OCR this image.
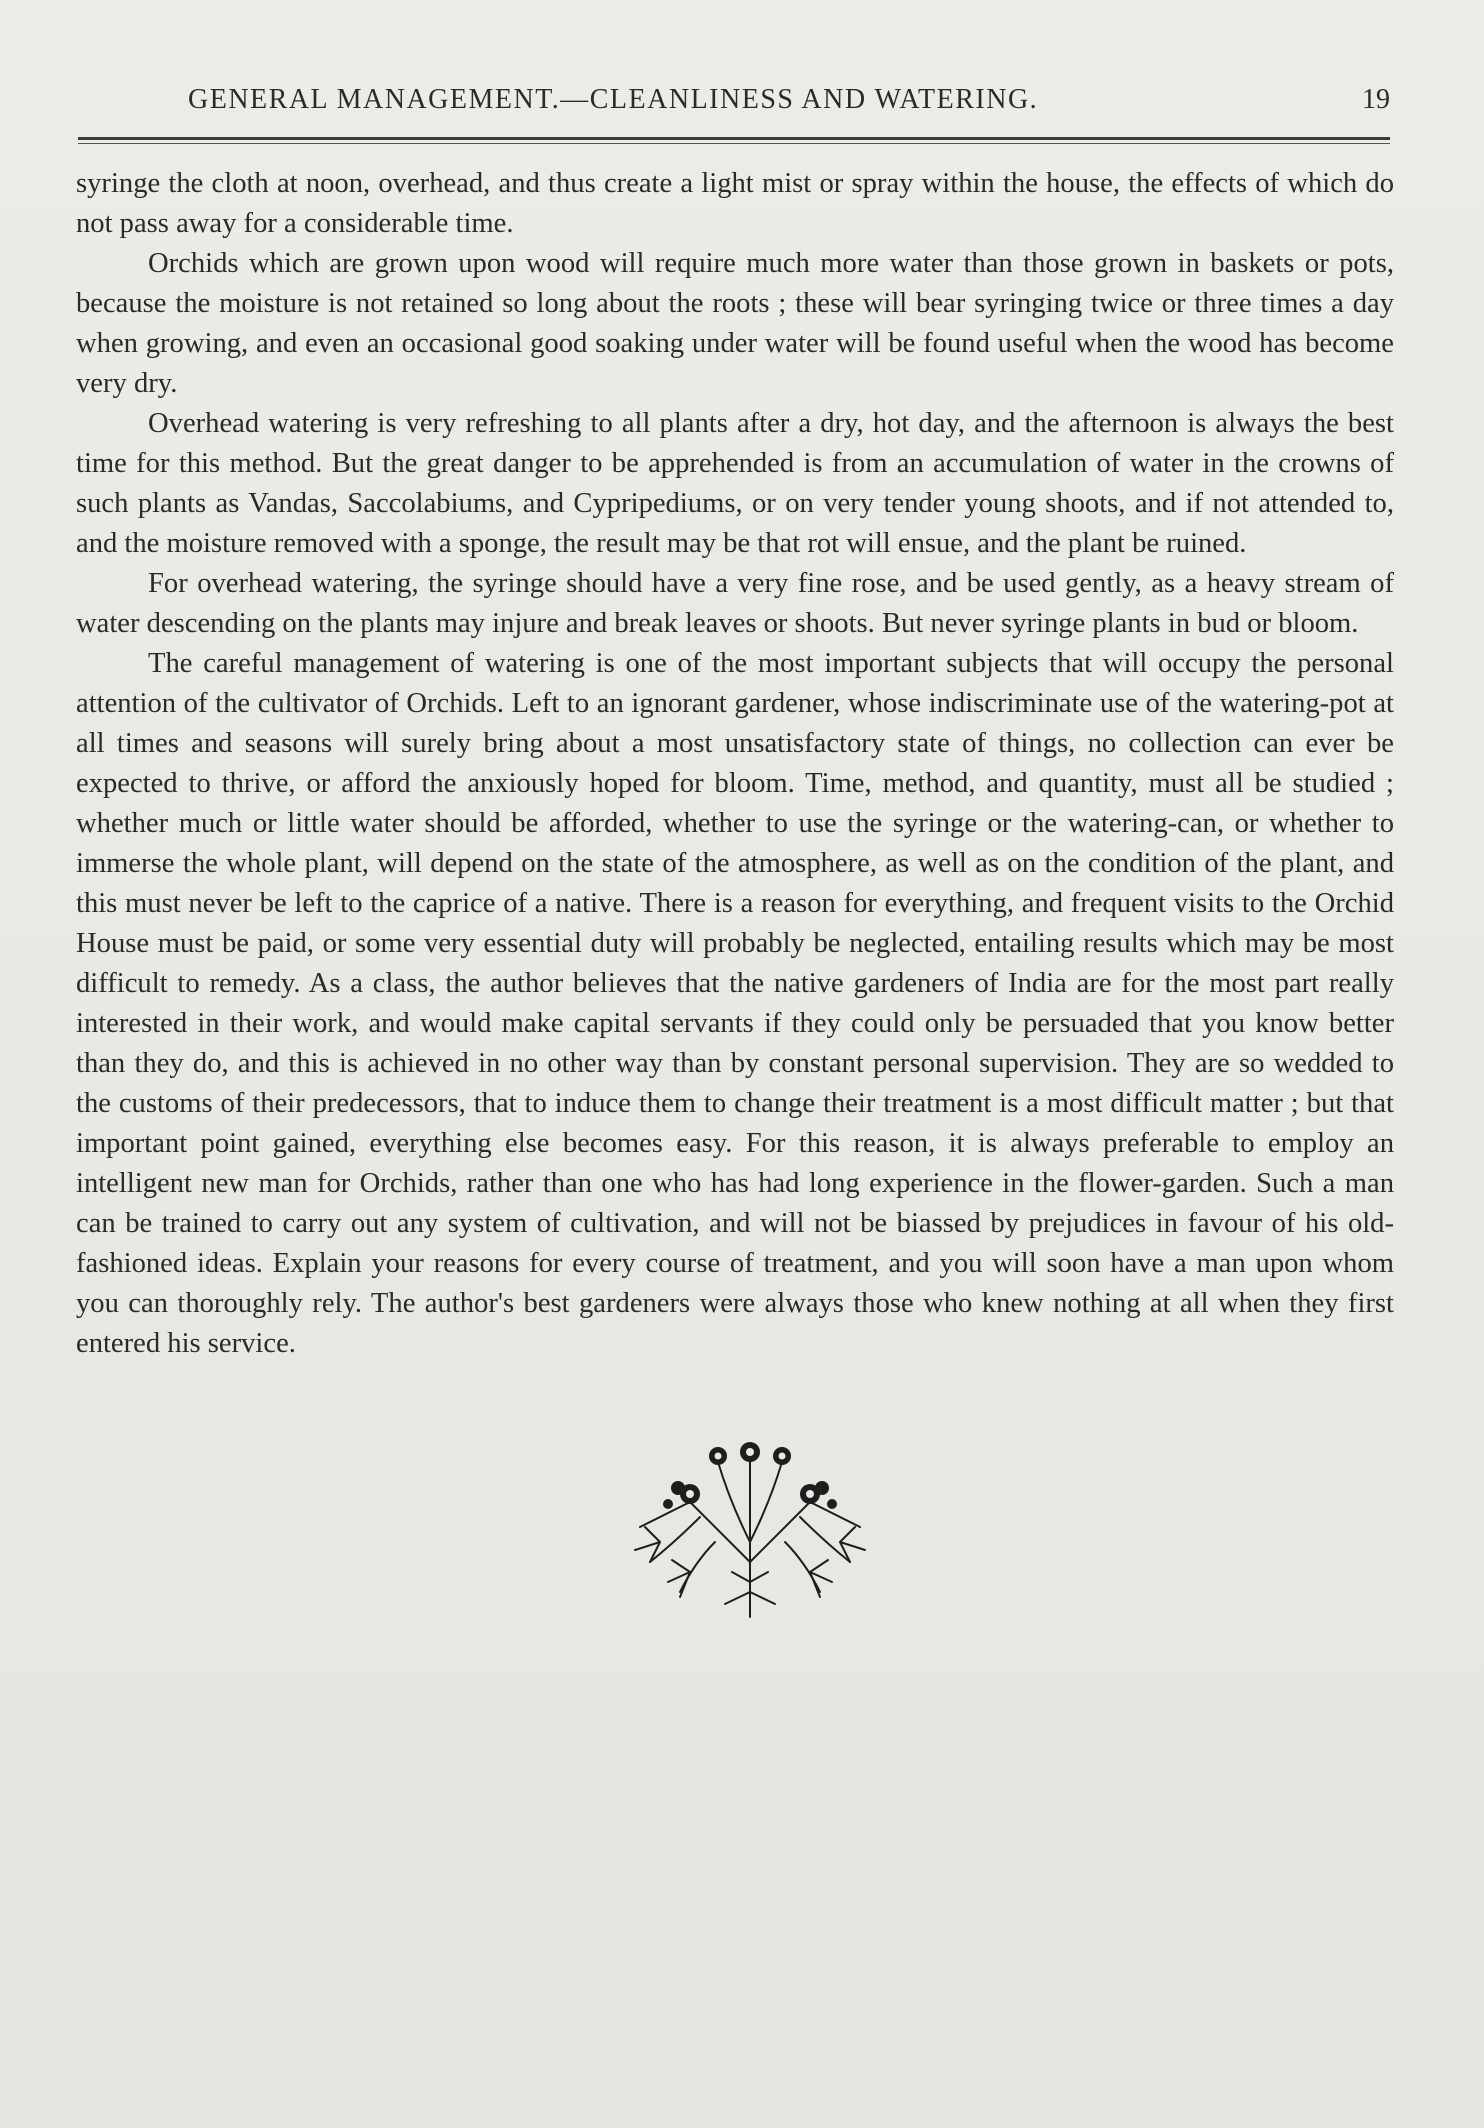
GENERAL MANAGEMENT.—CLEANLINESS AND WATERING.	19

syringe the cloth at noon, overhead, and thus create a light mist or spray within the house, the effects of which do not pass away for a considerable time.

Orchids which are grown upon wood will require much more water than those grown in baskets or pots, because the moisture is not retained so long about the roots ; these will bear syringing twice or three times a day when growing, and even an occasional good soaking under water will be found useful when the wood has become very dry.

Overhead watering is very refreshing to all plants after a dry, hot day, and the afternoon is always the best time for this method. But the great danger to be apprehended is from an accumulation of water in the crowns of such plants as Vandas, Saccolabiums, and Cypripediums, or on very tender young shoots, and if not attended to, and the moisture removed with a sponge, the result may be that rot will ensue, and the plant be ruined.

For overhead watering, the syringe should have a very fine rose, and be used gently, as a heavy stream of water descending on the plants may injure and break leaves or shoots. But never syringe plants in bud or bloom.

The careful management of watering is one of the most important subjects that will occupy the personal attention of the cultivator of Orchids. Left to an ignorant gardener, whose indiscriminate use of the watering-pot at all times and seasons will surely bring about a most unsatisfactory state of things, no collection can ever be expected to thrive, or afford the anxiously hoped for bloom. Time, method, and quantity, must all be studied ; whether much or little water should be afforded, whether to use the syringe or the watering-can, or whether to immerse the whole plant, will depend on the state of the atmosphere, as well as on the condition of the plant, and this must never be left to the caprice of a native. There is a reason for everything, and frequent visits to the Orchid House must be paid, or some very essential duty will probably be neglected, entailing results which may be most difficult to remedy. As a class, the author believes that the native gardeners of India are for the most part really interested in their work, and would make capital servants if they could only be persuaded that you know better than they do, and this is achieved in no other way than by constant personal supervision. They are so wedded to the customs of their predecessors, that to induce them to change their treatment is a most difficult matter ; but that important point gained, everything else becomes easy. For this reason, it is always preferable to employ an intelligent new man for Orchids, rather than one who has had long experience in the flower-garden. Such a man can be trained to carry out any system of cultivation, and will not be biassed by prejudices in favour of his old-fashioned ideas. Explain your reasons for every course of treatment, and you will soon have a man upon whom you can thoroughly rely. The author's best gardeners were always those who knew nothing at all when they first entered his service.
